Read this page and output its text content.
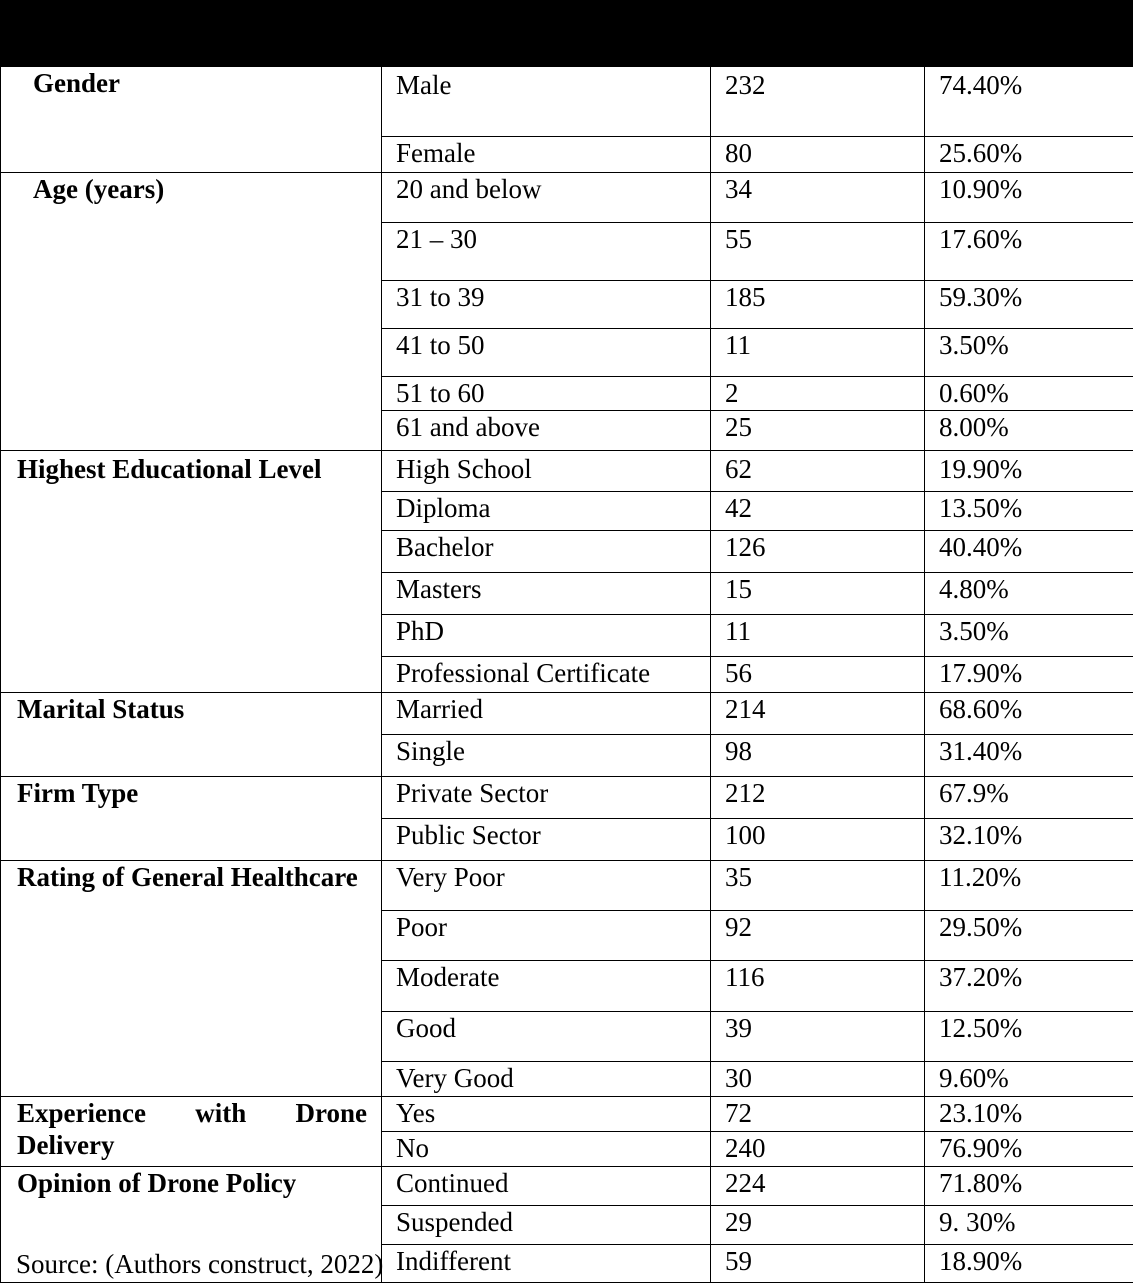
Gender	Male	232	74.40%
	Female	80	25.60%
Age (years)	20 and below	34	10.90%
	21 – 30	55	17.60%
	31 to 39	185	59.30%
	41 to 50	11	3.50%
	51 to 60	2	0.60%
	61 and above	25	8.00%
Highest Educational Level	High School	62	19.90%
	Diploma	42	13.50%
	Bachelor	126	40.40%
	Masters	15	4.80%
	PhD	11	3.50%
	Professional Certificate	56	17.90%
Marital Status	Married	214	68.60%
	Single	98	31.40%
Firm Type	Private Sector	212	67.9%
	Public Sector	100	32.10%
Rating of General Healthcare	Very Poor	35	11.20%
	Poor	92	29.50%
	Moderate	116	37.20%
	Good	39	12.50%
	Very Good	30	9.60%

Experience with Drone
Delivery	Yes	72	23.10%
	No	240	76.90%
Opinion of Drone Policy	Continued	224	71.80%
	Suspended	29	9. 30%
	Indifferent	59	18.90%
Source: (Authors construct, 2022)
